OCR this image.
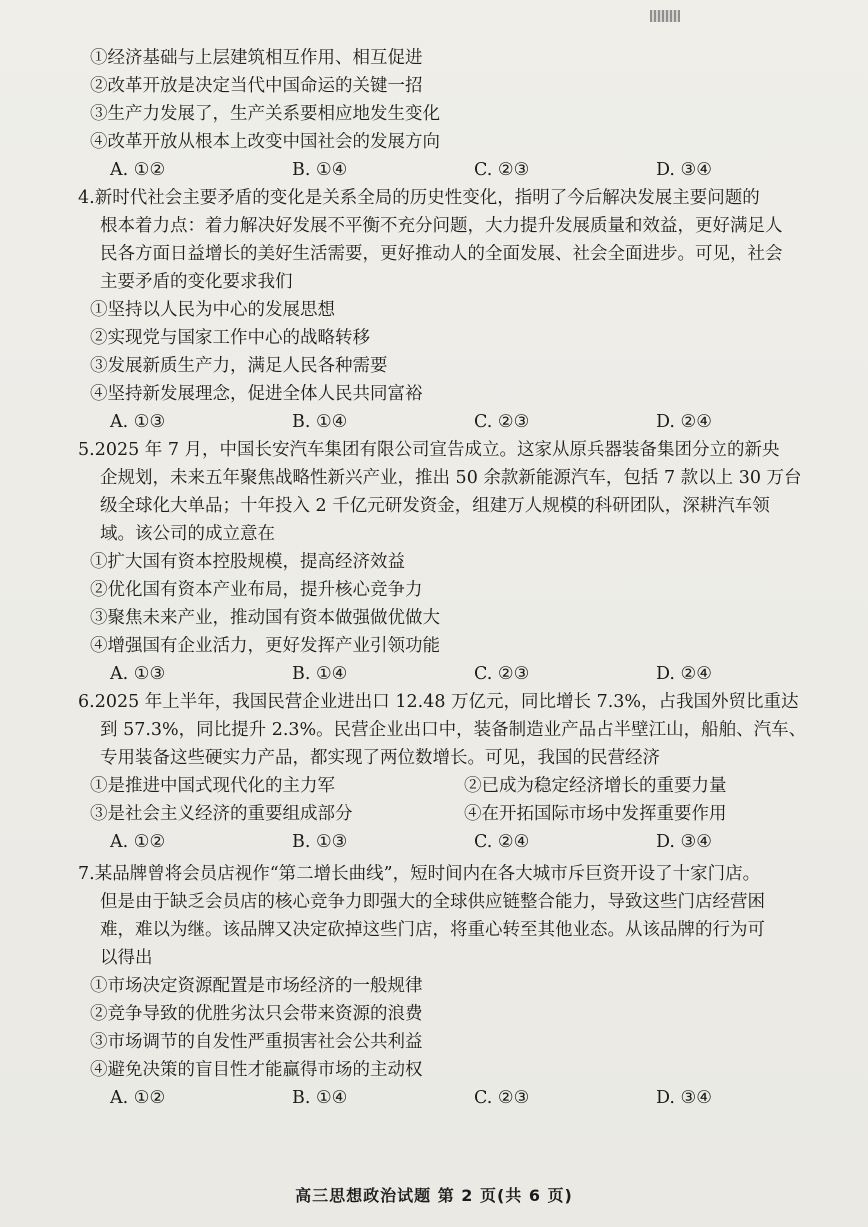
①经济基础与上层建筑相互作用、相互促进
②改革开放是决定当代中国命运的关键一招
③生产力发展了，生产关系要相应地发生变化
④改革开放从根本上改变中国社会的发展方向
A. ①②	B. ①④	C. ②③	D. ③④
4.新时代社会主要矛盾的变化是关系全局的历史性变化，指明了今后解决发展主要问题的
根本着力点：着力解决好发展不平衡不充分问题，大力提升发展质量和效益，更好满足人
民各方面日益增长的美好生活需要，更好推动人的全面发展、社会全面进步。可见，社会
主要矛盾的变化要求我们
①坚持以人民为中心的发展思想
②实现党与国家工作中心的战略转移
③发展新质生产力，满足人民各种需要
④坚持新发展理念，促进全体人民共同富裕
A. ①③	B. ①④	C. ②③	D. ②④
5.2025 年 7 月，中国长安汽车集团有限公司宣告成立。这家从原兵器装备集团分立的新央
企规划，未来五年聚焦战略性新兴产业，推出 50 余款新能源汽车，包括 7 款以上 30 万台
级全球化大单品；十年投入 2 千亿元研发资金，组建万人规模的科研团队，深耕汽车领
域。该公司的成立意在
①扩大国有资本控股规模，提高经济效益
②优化国有资本产业布局，提升核心竞争力
③聚焦未来产业，推动国有资本做强做优做大
④增强国有企业活力，更好发挥产业引领功能
A. ①③	B. ①④	C. ②③	D. ②④
6.2025 年上半年，我国民营企业进出口 12.48 万亿元，同比增长 7.3%，占我国外贸比重达
到 57.3%，同比提升 2.3%。民营企业出口中，装备制造业产品占半壁江山，船舶、汽车、
专用装备这些硬实力产品，都实现了两位数增长。可见，我国的民营经济
①是推进中国式现代化的主力军	②已成为稳定经济增长的重要力量
③是社会主义经济的重要组成部分	④在开拓国际市场中发挥重要作用
A. ①②	B. ①③	C. ②④	D. ③④
7.某品牌曾将会员店视作“第二增长曲线”，短时间内在各大城市斥巨资开设了十家门店。
但是由于缺乏会员店的核心竞争力即强大的全球供应链整合能力，导致这些门店经营困
难，难以为继。该品牌又决定砍掉这些门店，将重心转至其他业态。从该品牌的行为可
以得出
①市场决定资源配置是市场经济的一般规律
②竞争导致的优胜劣汰只会带来资源的浪费
③市场调节的自发性严重损害社会公共利益
④避免决策的盲目性才能赢得市场的主动权
A. ①②	B. ①④	C. ②③	D. ③④
高三思想政治试题 第 2 页(共 6 页)
